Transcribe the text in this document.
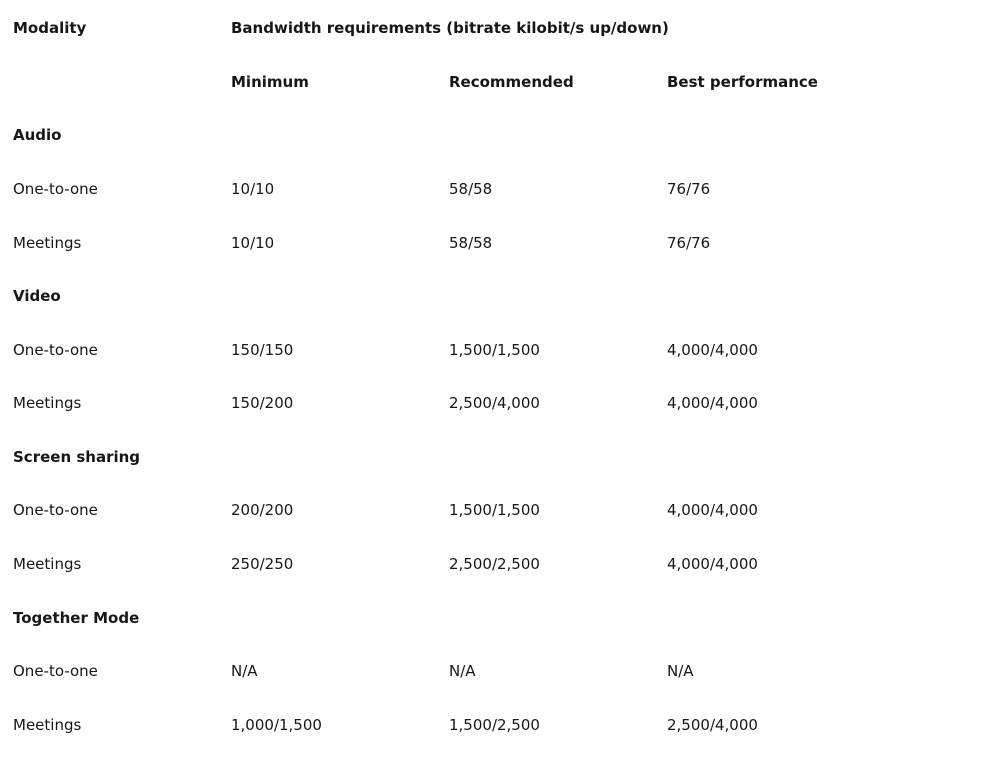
Modality	Bandwidth requirements (bitrate kilobit/s up/down)
Minimum	Recommended	Best performance
Audio
One-to-one	10/10	58/58	76/76
Meetings	10/10	58/58	76/76
Video
One-to-one	150/150	1,500/1,500	4,000/4,000
Meetings	150/200	2,500/4,000	4,000/4,000
Screen sharing
One-to-one	200/200	1,500/1,500	4,000/4,000
Meetings	250/250	2,500/2,500	4,000/4,000
Together Mode
One-to-one	N/A	N/A	N/A
Meetings	1,000/1,500	1,500/2,500	2,500/4,000
